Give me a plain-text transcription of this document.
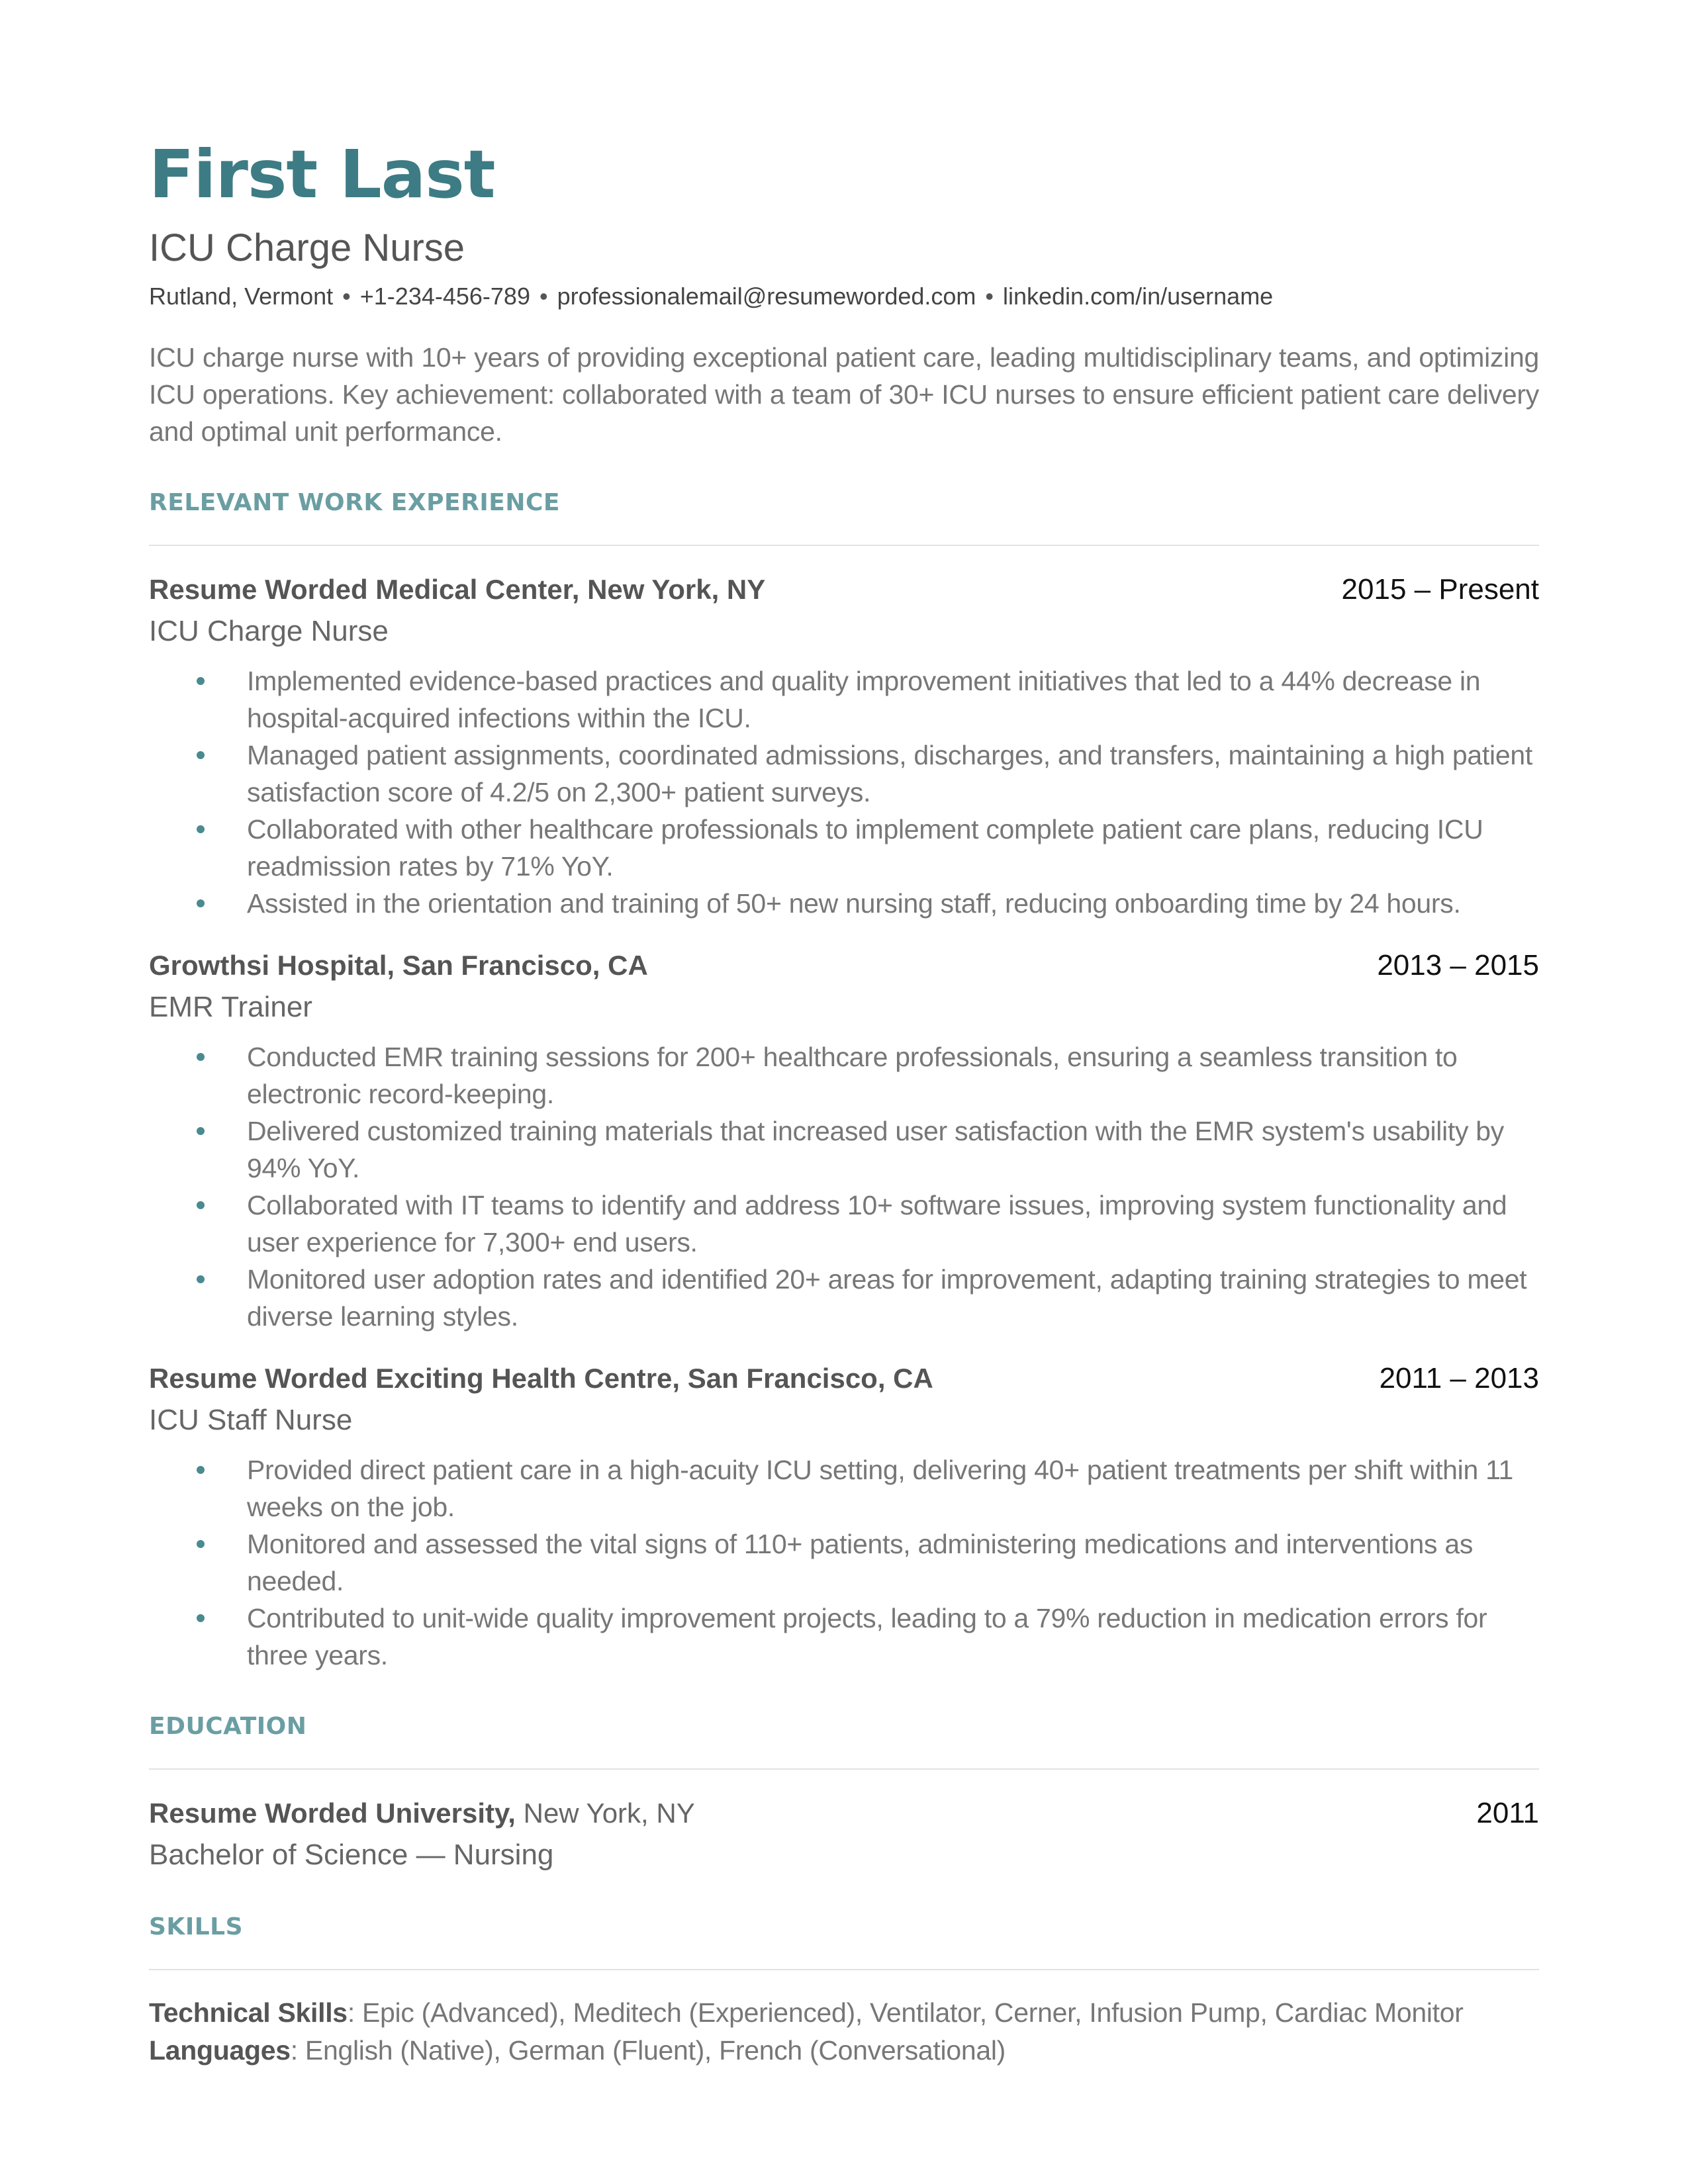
First Last
ICU Charge Nurse
Rutland, Vermont • +1-234-456-789 • professionalemail@resumeworded.com • linkedin.com/in/username
ICU charge nurse with 10+ years of providing exceptional patient care, leading multidisciplinary teams, and optimizing ICU operations. Key achievement: collaborated with a team of 30+ ICU nurses to ensure efficient patient care delivery and optimal unit performance.
RELEVANT WORK EXPERIENCE
Resume Worded Medical Center, New York, NY	2015 – Present
ICU Charge Nurse
Implemented evidence-based practices and quality improvement initiatives that led to a 44% decrease in hospital-acquired infections within the ICU.
Managed patient assignments, coordinated admissions, discharges, and transfers, maintaining a high patient satisfaction score of 4.2/5 on 2,300+ patient surveys.
Collaborated with other healthcare professionals to implement complete patient care plans, reducing ICU readmission rates by 71% YoY.
Assisted in the orientation and training of 50+ new nursing staff, reducing onboarding time by 24 hours.
Growthsi Hospital, San Francisco, CA	2013 – 2015
EMR Trainer
Conducted EMR training sessions for 200+ healthcare professionals, ensuring a seamless transition to electronic record-keeping.
Delivered customized training materials that increased user satisfaction with the EMR system's usability by 94% YoY.
Collaborated with IT teams to identify and address 10+ software issues, improving system functionality and user experience for 7,300+ end users.
Monitored user adoption rates and identified 20+ areas for improvement, adapting training strategies to meet diverse learning styles.
Resume Worded Exciting Health Centre, San Francisco, CA	2011 – 2013
ICU Staff Nurse
Provided direct patient care in a high-acuity ICU setting, delivering 40+ patient treatments per shift within 11 weeks on the job.
Monitored and assessed the vital signs of 110+ patients, administering medications and interventions as needed.
Contributed to unit-wide quality improvement projects, leading to a 79% reduction in medication errors for three years.
EDUCATION
Resume Worded University, New York, NY	2011
Bachelor of Science — Nursing
SKILLS
Technical Skills: Epic (Advanced), Meditech (Experienced), Ventilator, Cerner, Infusion Pump, Cardiac Monitor
Languages: English (Native), German (Fluent), French (Conversational)
